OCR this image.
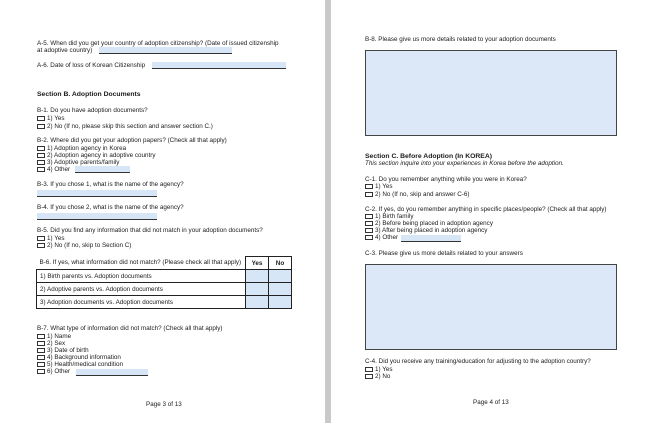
A-5. When did you get your country of adoption citizenship? (Date of issued citizenship
at adoptive country)
A-6. Date of loss of Korean Citizenship
Section B. Adoption Documents
B-1. Do you have adoption documents?
1) Yes
2) No (If no, please skip this section and answer section C.)
B-2. Where did you get your adoption papers? (Check all that apply)
1) Adoption agency in Korea
2) Adoption agency in adoptive country
3) Adoptive parents/family
4) Other
B-3. If you chose 1, what is the name of the agency?
B-4. If you chose 2, what is the name of the agency?
B-5. Did you find any information that did not match in your adoption documents?
1) Yes
2) No (If no, skip to Section C)
B-6. If yes, what information did not match? (Please check all that apply)	Yes	No
1) Birth parents vs. Adoption documents		
2) Adoptive parents vs. Adoption documents		
3) Adoption documents vs. Adoption documents		
B-7. What type of information did not match? (Check all that apply)
1) Name
2) Sex
3) Date of birth
4) Background information
5) Health/medical condition
6) Other
Page 3 of 13
B-8. Please give us more details related to your adoption documents
Section C. Before Adoption (In KOREA)
This section inquire into your experiences in Korea before the adoption.
C-1. Do you remember anything while you were in Korea?
1) Yes
2) No (If no, skip and answer C-6)
C-2. If yes, do you remember anything in specific places/people? (Check all that apply)
1) Birth family
2) Before being placed in adoption agency
3) After being placed in adoption agency
4) Other
C-3. Please give us more details related to your answers
C-4. Did you receive any training/education for adjusting to the adoption country?
1) Yes
2) No
Page 4 of 13
